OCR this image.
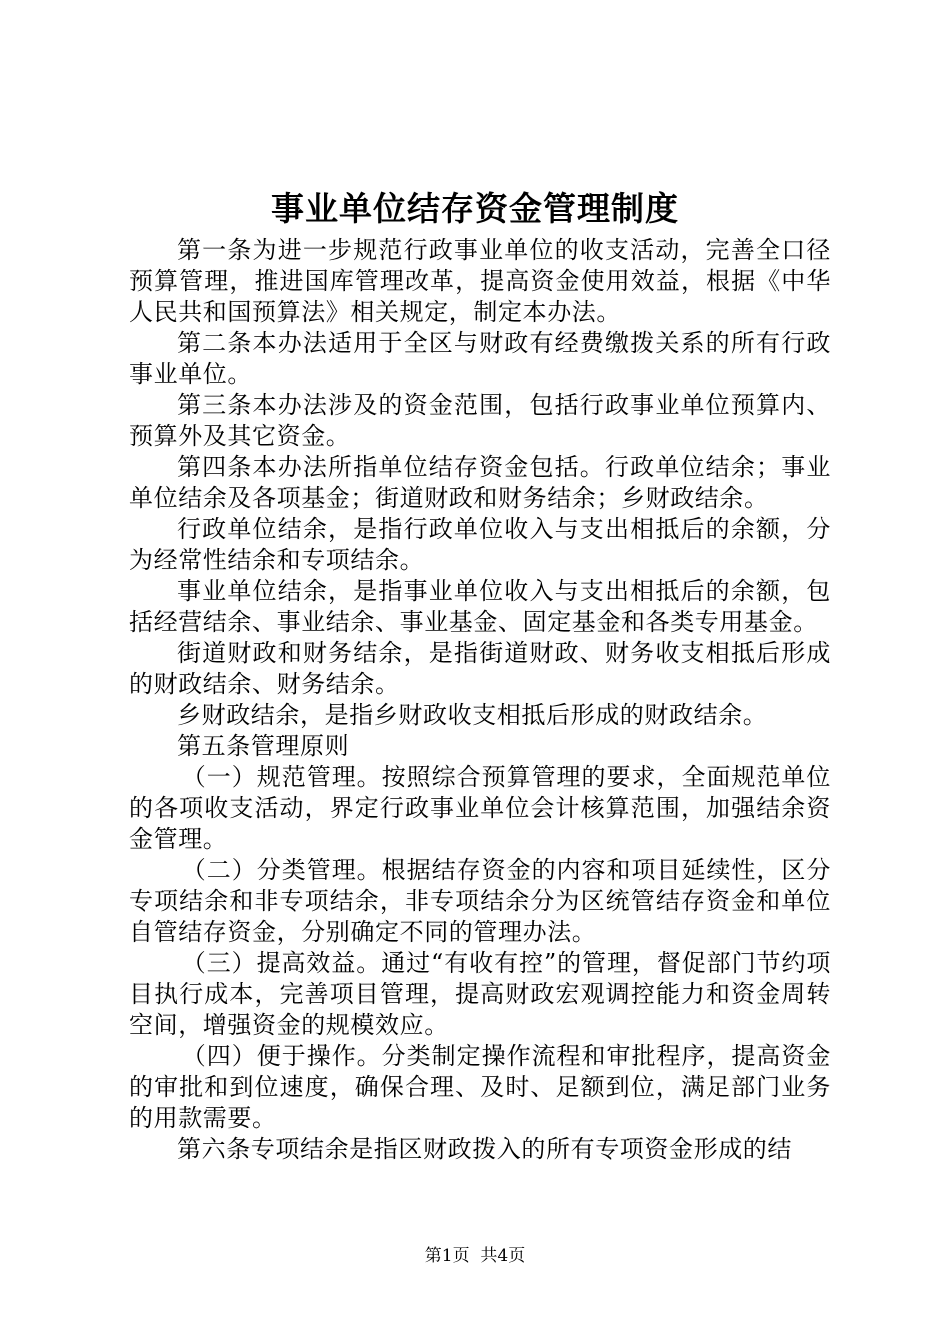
事业单位结存资金管理制度

第一条为进一步规范行政事业单位的收支活动，完善全口径预算管理，推进国库管理改革，提高资金使用效益，根据《中华人民共和国预算法》相关规定，制定本办法。

第二条本办法适用于全区与财政有经费缴拨关系的所有行政事业单位。

第三条本办法涉及的资金范围，包括行政事业单位预算内、预算外及其它资金。

第四条本办法所指单位结存资金包括。行政单位结余；事业单位结余及各项基金；街道财政和财务结余；乡财政结余。

行政单位结余，是指行政单位收入与支出相抵后的余额，分为经常性结余和专项结余。

事业单位结余，是指事业单位收入与支出相抵后的余额，包括经营结余、事业结余、事业基金、固定基金和各类专用基金。

街道财政和财务结余，是指街道财政、财务收支相抵后形成的财政结余、财务结余。

乡财政结余，是指乡财政收支相抵后形成的财政结余。

第五条管理原则

（一）规范管理。按照综合预算管理的要求，全面规范单位的各项收支活动，界定行政事业单位会计核算范围，加强结余资金管理。

（二）分类管理。根据结存资金的内容和项目延续性，区分专项结余和非专项结余，非专项结余分为区统管结存资金和单位自管结存资金，分别确定不同的管理办法。

（三）提高效益。通过“有收有控”的管理，督促部门节约项目执行成本，完善项目管理，提高财政宏观调控能力和资金周转空间，增强资金的规模效应。

（四）便于操作。分类制定操作流程和审批程序，提高资金的审批和到位速度，确保合理、及时、足额到位，满足部门业务的用款需要。

第六条专项结余是指区财政拨入的所有专项资金形成的结

第1页  共4页
